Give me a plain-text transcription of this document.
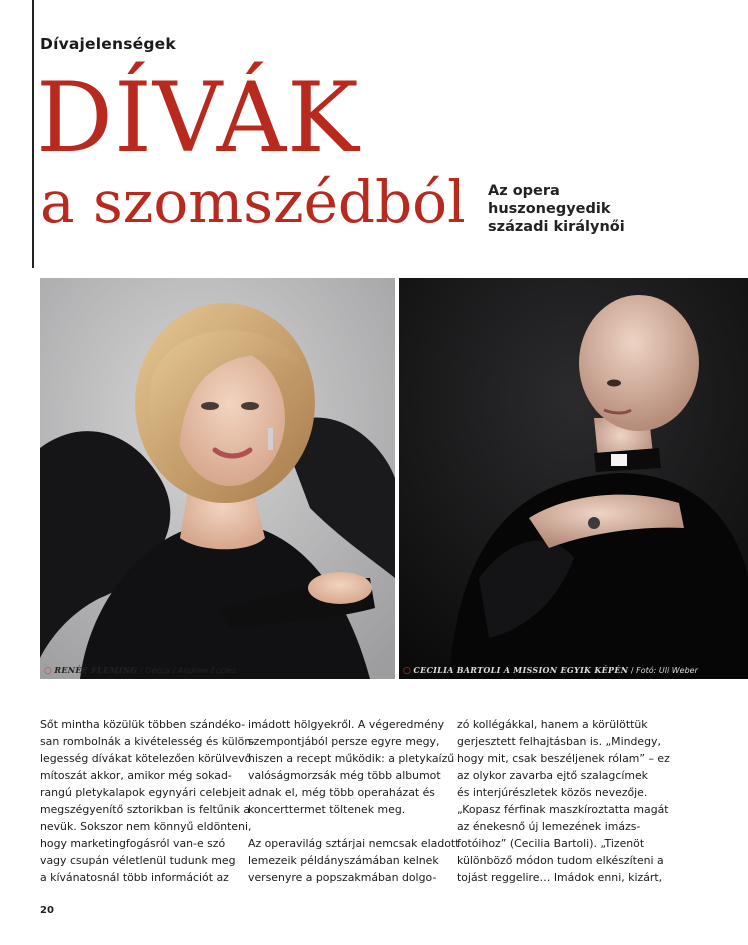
Dívajelenségek
DÍVÁK
a szomszédból Az opera
huszonegyedik
századi királynői
○ RENÉE FLEMING / Decca / Andrew Eccles	○ CECILIA BARTOLI A MISSION EGYIK KÉPÉN / Fotó: Uli Weber

Sőt mintha közülük többen szándéko-
san rombolnák a kivételesség és külön-
legesség dívákat kötelezően körülvevő
mítoszát akkor, amikor még sokad-
rangú pletykalapok egynyári celebjeit
megszégyenítő sztorikban is feltűnik a
nevük. Sokszor nem könnyű eldönteni,
hogy marketingfogásról van-e szó
vagy csupán véletlenül tudunk meg
a kívánatosnál több információt az

imádott hölgyekről. A végeredmény
szempontjából persze egyre megy,
hiszen a recept működik: a pletykaízű
valóságmorzsák még több albumot
adnak el, még több operaházat és
koncerttermet töltenek meg.

Az operavilág sztárjai nemcsak eladott
lemezeik példányszámában kelnek
versenyre a popszakmában dolgo-

zó kollégákkal, hanem a körülöttük
gerjesztett felhajtásban is. „Mindegy,
hogy mit, csak beszéljenek rólam” – ez
az olykor zavarba ejtő szalagcímek
és interjúrészletek közös nevezője.
„Kopasz férfinak maszkíroztatta magát
az énekesnő új lemezének imázs-
fotóihoz” (Cecilia Bartoli). „Tizenöt
különböző módon tudom elkészíteni a
tojást reggelire… Imádok enni, kizárt,

20
